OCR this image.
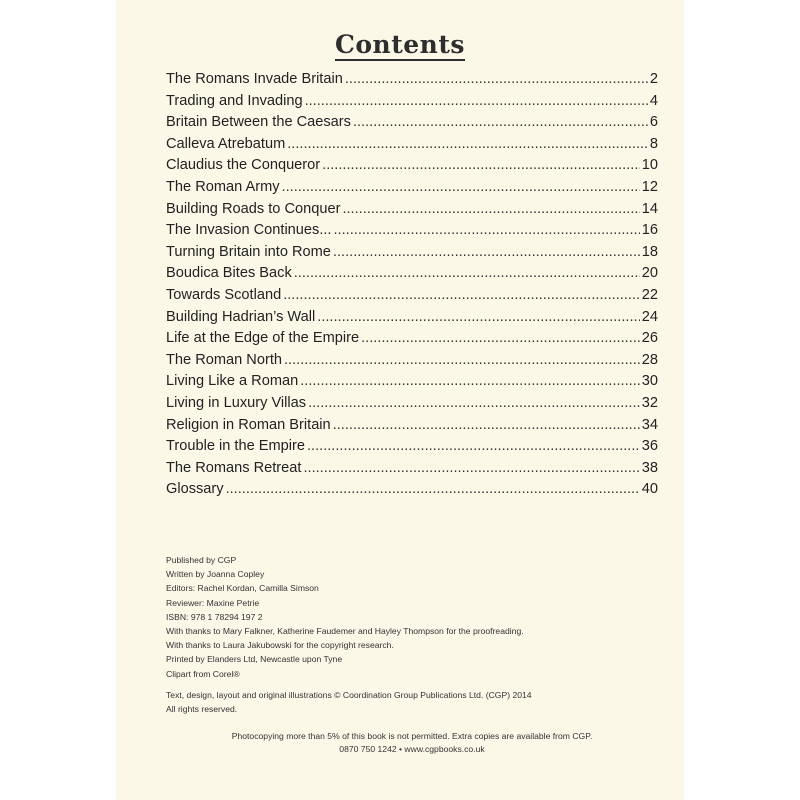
Contents
The Romans Invade Britain .....	2
Trading and Invading .....	4
Britain Between the Caesars .....	6
Calleva Atrebatum .....	8
Claudius the Conqueror .....	10
The Roman Army .....	12
Building Roads to Conquer .....	14
The Invasion Continues... .....	16
Turning Britain into Rome .....	18
Boudica Bites Back .....	20
Towards Scotland .....	22
Building Hadrian’s Wall .....	24
Life at the Edge of the Empire .....	26
The Roman North .....	28
Living Like a Roman .....	30
Living in Luxury Villas .....	32
Religion in Roman Britain .....	34
Trouble in the Empire .....	36
The Romans Retreat .....	38
Glossary .....	40
Published by CGP
Written by Joanna Copley
Editors: Rachel Kordan, Camilla Simson
Reviewer: Maxine Petrie
ISBN: 978 1 78294 197 2
With thanks to Mary Falkner, Katherine Faudemer and Hayley Thompson for the proofreading.
With thanks to Laura Jakubowski for the copyright research.
Printed by Elanders Ltd, Newcastle upon Tyne
Clipart from Corel®
Text, design, layout and original illustrations © Coordination Group Publications Ltd. (CGP) 2014
All rights reserved.
Photocopying more than 5% of this book is not permitted. Extra copies are available from CGP.
0870 750 1242 • www.cgpbooks.co.uk
